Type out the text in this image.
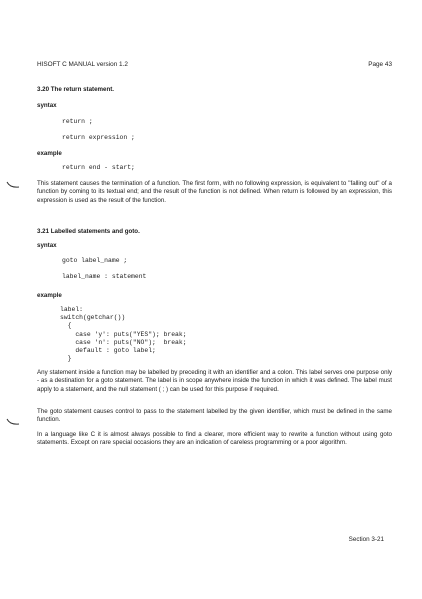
HISOFT C MANUAL version 1.2	Page 43
3.20 The return statement.
syntax
return ;
return expression ;
example
return end - start;
This statement causes the termination of a function. The first form, with no following expression, is equivalent to "falling out" of a function by coming to its textual end; and the result of the function is not defined. When return is followed by an expression, this expression is used as the result of the function.
3.21 Labelled statements and goto.
syntax
goto label_name ;
label_name : statement
example
label:
switch(getchar())
{
case 'y': puts("YES"); break;
case 'n': puts("NO");  break;
default : goto label;
}
Any statement inside a function may be labelled by preceding it with an identifier and a colon. This label serves one purpose only - as a destination for a goto statement. The label is in scope anywhere inside the function in which it was defined. The label must apply to a statement, and the null statement ( ; ) can be used for this purpose if required.
The goto statement causes control to pass to the statement labelled by the given identifier, which must be defined in the same function.
In a language like C it is almost always possible to find a clearer, more efficient way to rewrite a function without using goto statements. Except on rare special occasions they are an indication of careless programming or a poor algorithm.
Section 3-21
